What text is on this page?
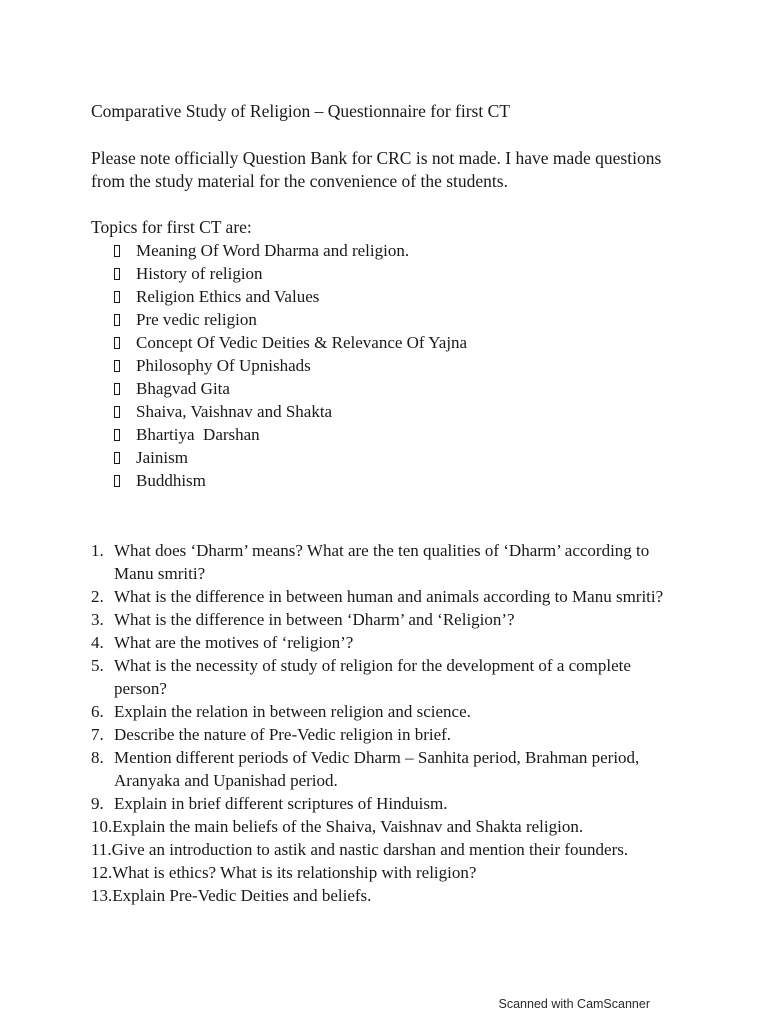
Comparative Study of Religion – Questionnaire for first CT

Please note officially Question Bank for CRC is not made. I have made questions

from the study material for the convenience of the students.

Topics for first CT are:
Meaning Of Word Dharma and religion.
History of religion
Religion Ethics and Values
Pre vedic religion
Concept Of Vedic Deities & Relevance Of Yajna
Philosophy Of Upnishads
Bhagvad Gita
Shaiva, Vaishnav and Shakta
Bhartiya  Darshan
Jainism
Buddhism
1. What does ‘Dharm’ means? What are the ten qualities of ‘Dharm’ according to
Manu smriti?
2. What is the difference in between human and animals according to Manu smriti?
3. What is the difference in between ‘Dharm’ and ‘Religion’?
4. What are the motives of ‘religion’?
5. What is the necessity of study of religion for the development of a complete
person?
6. Explain the relation in between religion and science.
7. Describe the nature of Pre-Vedic religion in brief.
8. Mention different periods of Vedic Dharm – Sanhita period, Brahman period,
Aranyaka and Upanishad period.
9. Explain in brief different scriptures of Hinduism.
10.Explain the main beliefs of the Shaiva, Vaishnav and Shakta religion.
11.Give an introduction to astik and nastic darshan and mention their founders.
12.What is ethics? What is its relationship with religion?
13.Explain Pre-Vedic Deities and beliefs.
Scanned with CamScanner
